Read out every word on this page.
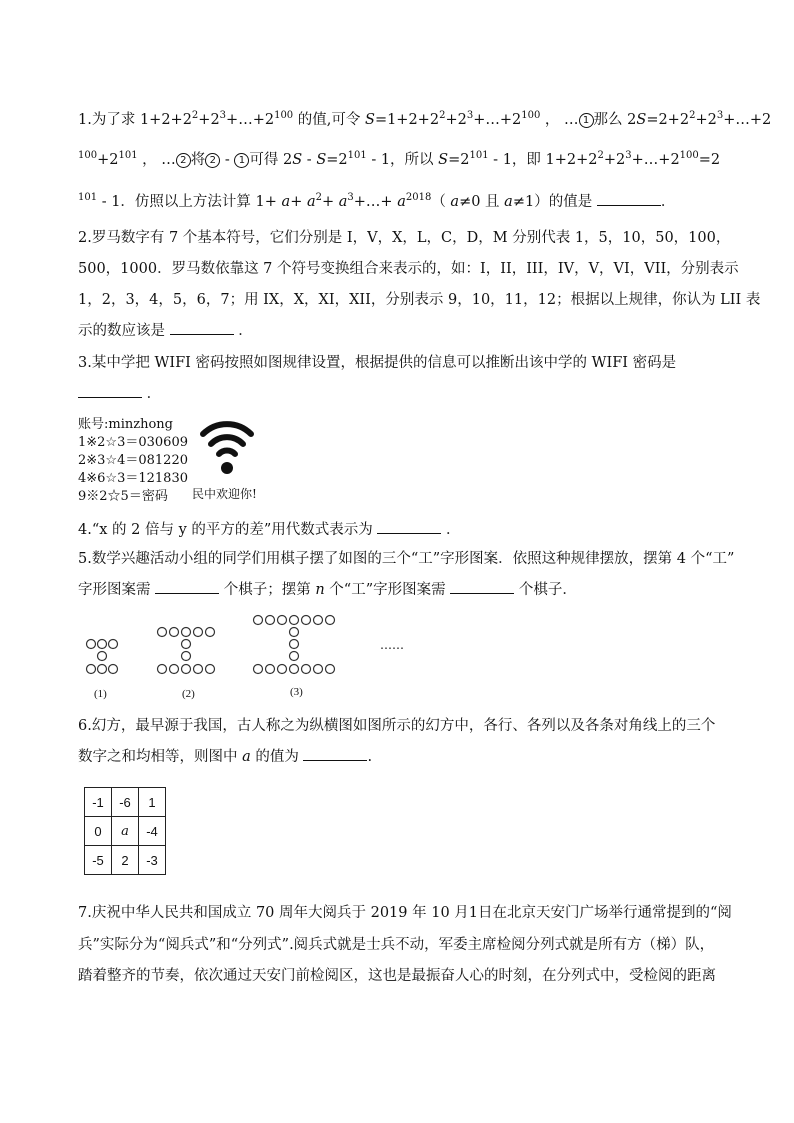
1.为了求 $1+2+2^2+2^3+\dots+2^{100}$ 的值,可令 $S=1+2+2^2+2^3+\dots+2^{100}$ ， … 1 那么 $2S=2+2^2+2^3+\dots+2$
$^{100}+2^{101}$ ， … 2 将 2 - 1 可得 $2S - S=2^{101} - 1$，所以 $S=2^{101} - 1$，即 $1+2+2^2+2^3+\dots+2^{100}=2$
$^{101}$ - 1．仿照以上方法计算 $1+ a+ a^2+$ $a^3+\dots+ a^{2018}$（ a≠0 且 a≠1）的值是	．
2.罗马数字有 7 个基本符号，它们分别是 I，V，X，L，C，D，M 分别代表 1，5，10，50，100，
500，1000．罗马数依靠这 7 个符号变换组合来表示的，如：I，II，III，IV，V，VI，VII，分别表示
1，2，3，4，5，6，7；用 IX，X，XI，XII，分别表示 9，10，11，12；根据以上规律，你认为 LII 表
示的数应该是	．
3.某中学把 WIFI 密码按照如图规律设置，根据提供的信息可以推断出该中学的 WIFI 密码是
．
账号:minzhong
1※2☆3＝030609
2※3☆4＝081220
4※6☆3＝121830
9※2☆5＝密码	民中欢迎你!
4.“x 的 2 倍与 y 的平方的差”用代数式表示为	．
5.数学兴趣活动小组的同学们用棋子摆了如图的三个“工”字形图案．依照这种规律摆放，摆第 4 个“工”
字形图案需	个棋子；摆第 n 个“工”字形图案需	个棋子．
……
(1)	(2)	(3)
6.幻方，最早源于我国，古人称之为纵横图如图所示的幻方中，各行、各列以及各条对角线上的三个
数字之和均相等，则图中 a 的值为	.
-1	-6	1
0	a	-4
-5	2	-3
7.庆祝中华人民共和国成立 70 周年大阅兵于 2019 年 10 月1日在北京天安门广场举行通常提到的“阅
兵”实际分为“阅兵式”和“分列式”.阅兵式就是士兵不动，军委主席检阅分列式就是所有方（梯）队，
踏着整齐的节奏，依次通过天安门前检阅区，这也是最振奋人心的时刻，在分列式中，受检阅的距离
